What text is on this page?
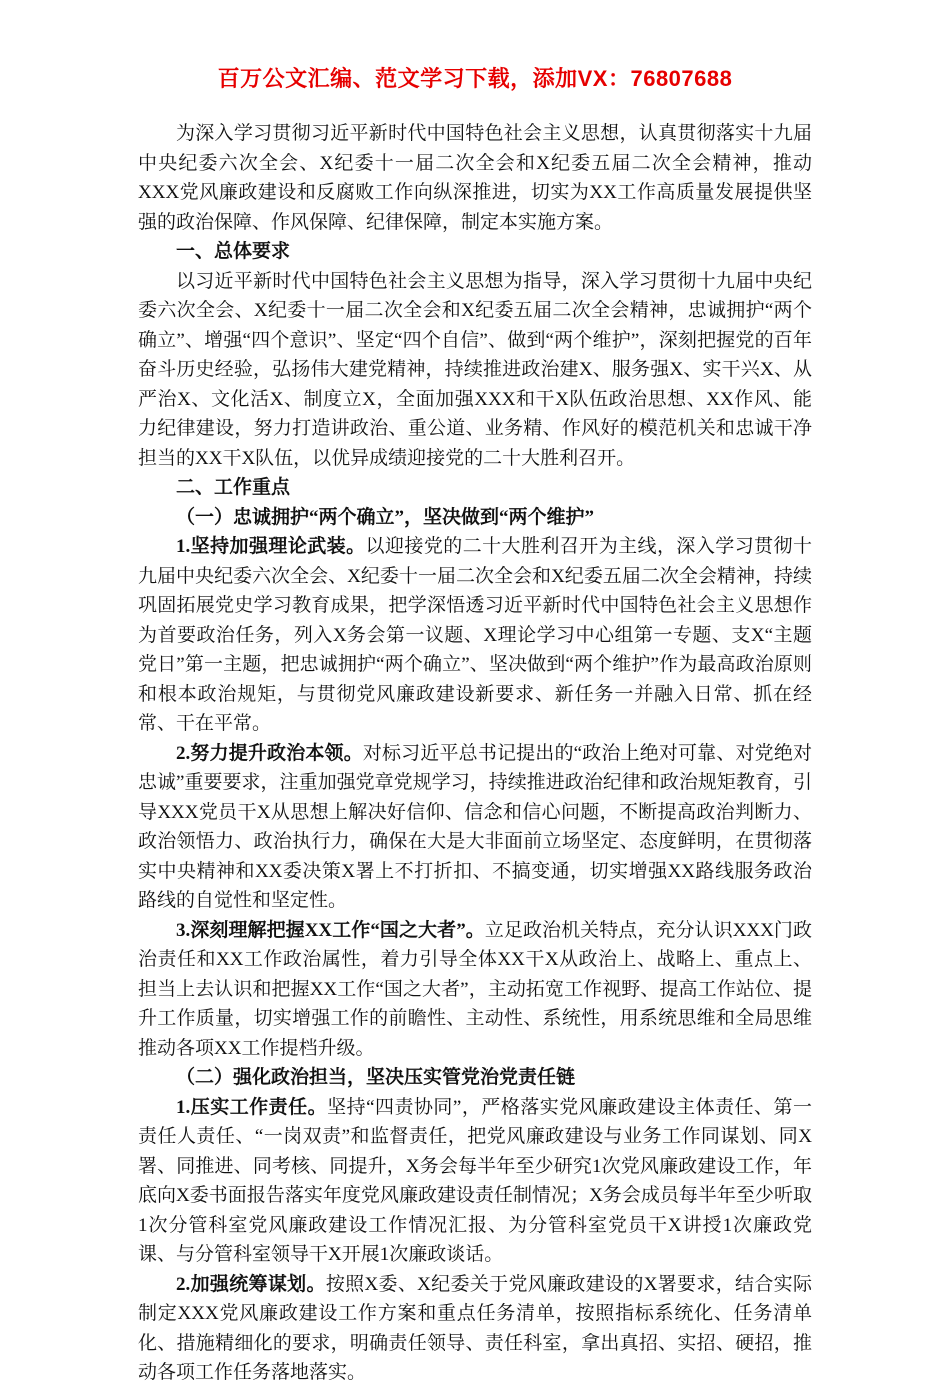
百万公文汇编、范文学习下载，添加VX：76807688

为深入学习贯彻习近平新时代中国特色社会主义思想，认真贯彻落实十九届中央纪委六次全会、X纪委十一届二次全会和X纪委五届二次全会精神，推动XXX党风廉政建设和反腐败工作向纵深推进，切实为XX工作高质量发展提供坚强的政治保障、作风保障、纪律保障，制定本实施方案。

一、总体要求

以习近平新时代中国特色社会主义思想为指导，深入学习贯彻十九届中央纪委六次全会、X纪委十一届二次全会和X纪委五届二次全会精神，忠诚拥护“两个确立”、增强“四个意识”、坚定“四个自信”、做到“两个维护”，深刻把握党的百年奋斗历史经验，弘扬伟大建党精神，持续推进政治建X、服务强X、实干兴X、从严治X、文化活X、制度立X，全面加强XXX和干X队伍政治思想、XX作风、能力纪律建设，努力打造讲政治、重公道、业务精、作风好的模范机关和忠诚干净担当的XX干X队伍，以优异成绩迎接党的二十大胜利召开。

二、工作重点

（一）忠诚拥护“两个确立”，坚决做到“两个维护”

1.坚持加强理论武装。以迎接党的二十大胜利召开为主线，深入学习贯彻十九届中央纪委六次全会、X纪委十一届二次全会和X纪委五届二次全会精神，持续巩固拓展党史学习教育成果，把学深悟透习近平新时代中国特色社会主义思想作为首要政治任务，列入X务会第一议题、X理论学习中心组第一专题、支X“主题党日”第一主题，把忠诚拥护“两个确立”、坚决做到“两个维护”作为最高政治原则和根本政治规矩，与贯彻党风廉政建设新要求、新任务一并融入日常、抓在经常、干在平常。

2.努力提升政治本领。对标习近平总书记提出的“政治上绝对可靠、对党绝对忠诚”重要要求，注重加强党章党规学习，持续推进政治纪律和政治规矩教育，引导XXX党员干X从思想上解决好信仰、信念和信心问题，不断提高政治判断力、政治领悟力、政治执行力，确保在大是大非面前立场坚定、态度鲜明，在贯彻落实中央精神和XX委决策X署上不打折扣、不搞变通，切实增强XX路线服务政治路线的自觉性和坚定性。

3.深刻理解把握XX工作“国之大者”。立足政治机关特点，充分认识XXX门政治责任和XX工作政治属性，着力引导全体XX干X从政治上、战略上、重点上、担当上去认识和把握XX工作“国之大者”，主动拓宽工作视野、提高工作站位、提升工作质量，切实增强工作的前瞻性、主动性、系统性，用系统思维和全局思维推动各项XX工作提档升级。

（二）强化政治担当，坚决压实管党治党责任链

1.压实工作责任。坚持“四责协同”，严格落实党风廉政建设主体责任、第一责任人责任、“一岗双责”和监督责任，把党风廉政建设与业务工作同谋划、同X署、同推进、同考核、同提升，X务会每半年至少研究1次党风廉政建设工作，年底向X委书面报告落实年度党风廉政建设责任制情况；X务会成员每半年至少听取1次分管科室党风廉政建设工作情况汇报、为分管科室党员干X讲授1次廉政党课、与分管科室领导干X开展1次廉政谈话。

2.加强统筹谋划。按照X委、X纪委关于党风廉政建设的X署要求，结合实际制定XXX党风廉政建设工作方案和重点任务清单，按照指标系统化、任务清单化、措施精细化的要求，明确责任领导、责任科室，拿出真招、实招、硬招，推动各项工作任务落地落实。
